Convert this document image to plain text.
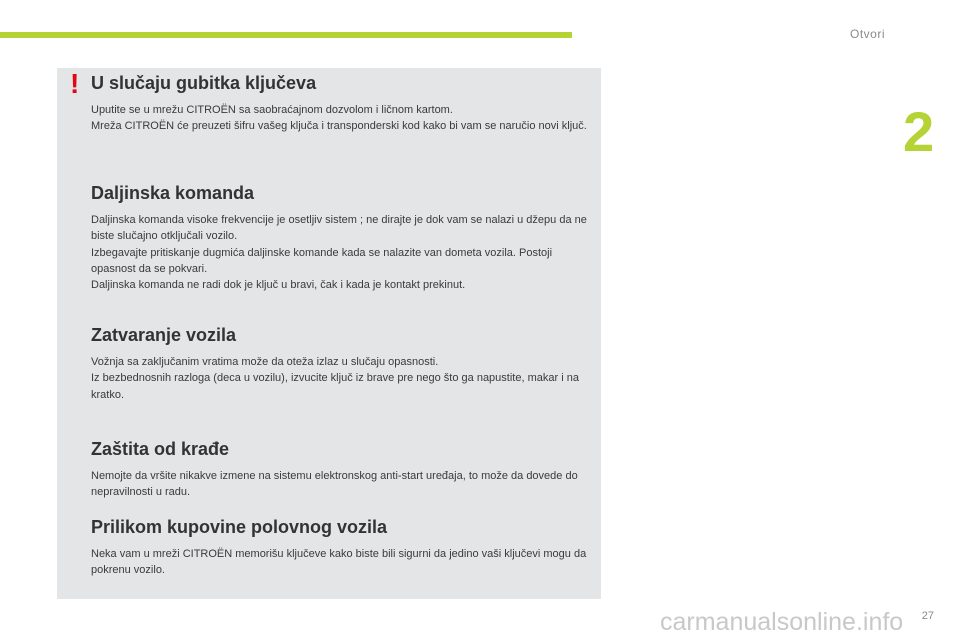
Otvori
2
! U slučaju gubitka ključeva

Uputite se u mrežu CITROËN sa saobraćajnom dozvolom i ličnom kartom.
Mreža CITROËN će preuzeti šifru vašeg ključa i transponderski kod kako bi vam se naručio novi ključ.

Daljinska komanda

Daljinska komanda visoke frekvencije je osetljiv sistem ; ne dirajte je dok vam se nalazi u džepu da ne biste slučajno otključali vozilo.
Izbegavajte pritiskanje dugmića daljinske komande kada se nalazite van dometa vozila. Postoji opasnost da se pokvari.
Daljinska komanda ne radi dok je ključ u bravi, čak i kada je kontakt prekinut.

Zatvaranje vozila

Vožnja sa zaključanim vratima može da oteža izlaz u slučaju opasnosti.
Iz bezbednosnih razloga (deca u vozilu), izvucite ključ iz brave pre nego što ga napustite, makar i na kratko.

Zaštita od krađe

Nemojte da vršite nikakve izmene na sistemu elektronskog anti-start uređaja, to može da dovede do nepravilnosti u radu.

Prilikom kupovine polovnog vozila

Neka vam u mreži CITROËN memorišu ključeve kako biste bili sigurni da jedino vaši ključevi mogu da pokrenu vozilo.

27
carmanualsonline.info
